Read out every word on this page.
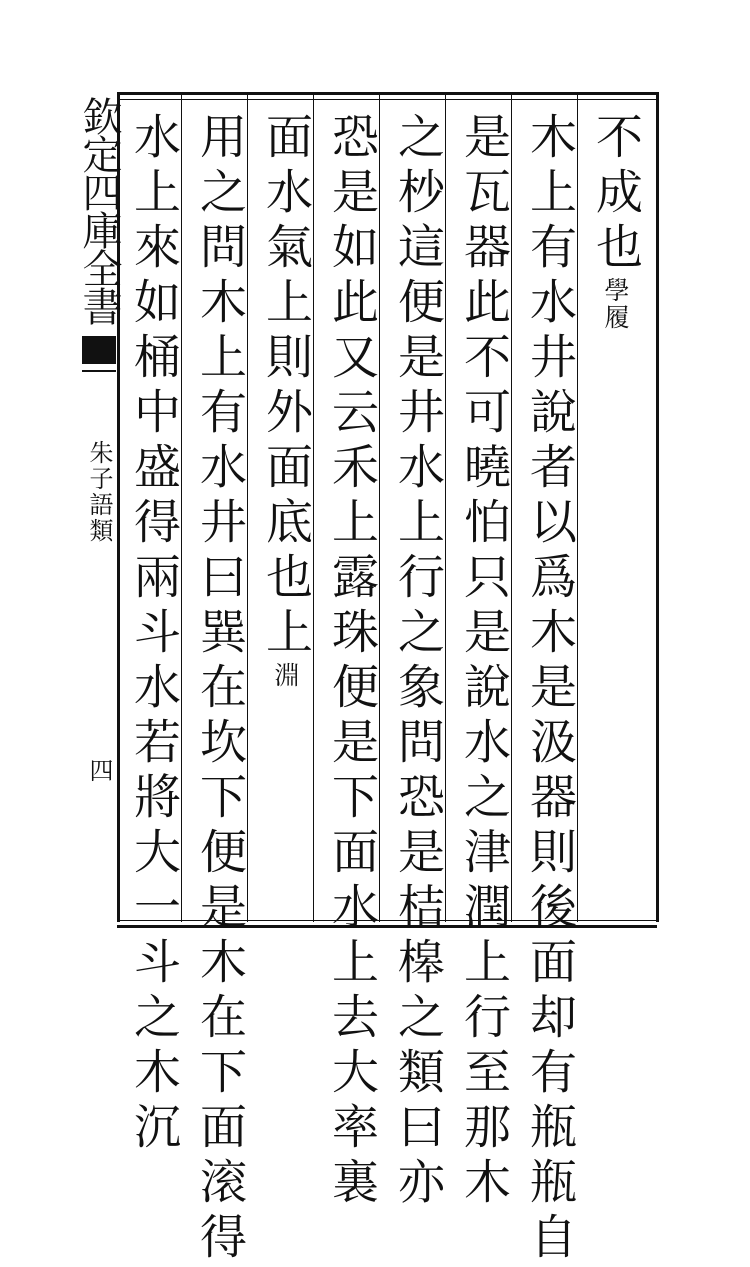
欽定四庫全書
朱子語類
四
不成也學履
木上有水井說者以爲木是汲器則後面却有瓶瓶自
是瓦器此不可曉怕只是說水之津潤上行至那木
之杪這便是井水上行之象問恐是桔槔之類曰亦
恐是如此又云禾上露珠便是下面水上去大率裏
面水氣上則外面底也上淵
用之問木上有水井曰巽在坎下便是木在下面滚得
水上來如桶中盛得兩斗水若將大一斗之木沉
